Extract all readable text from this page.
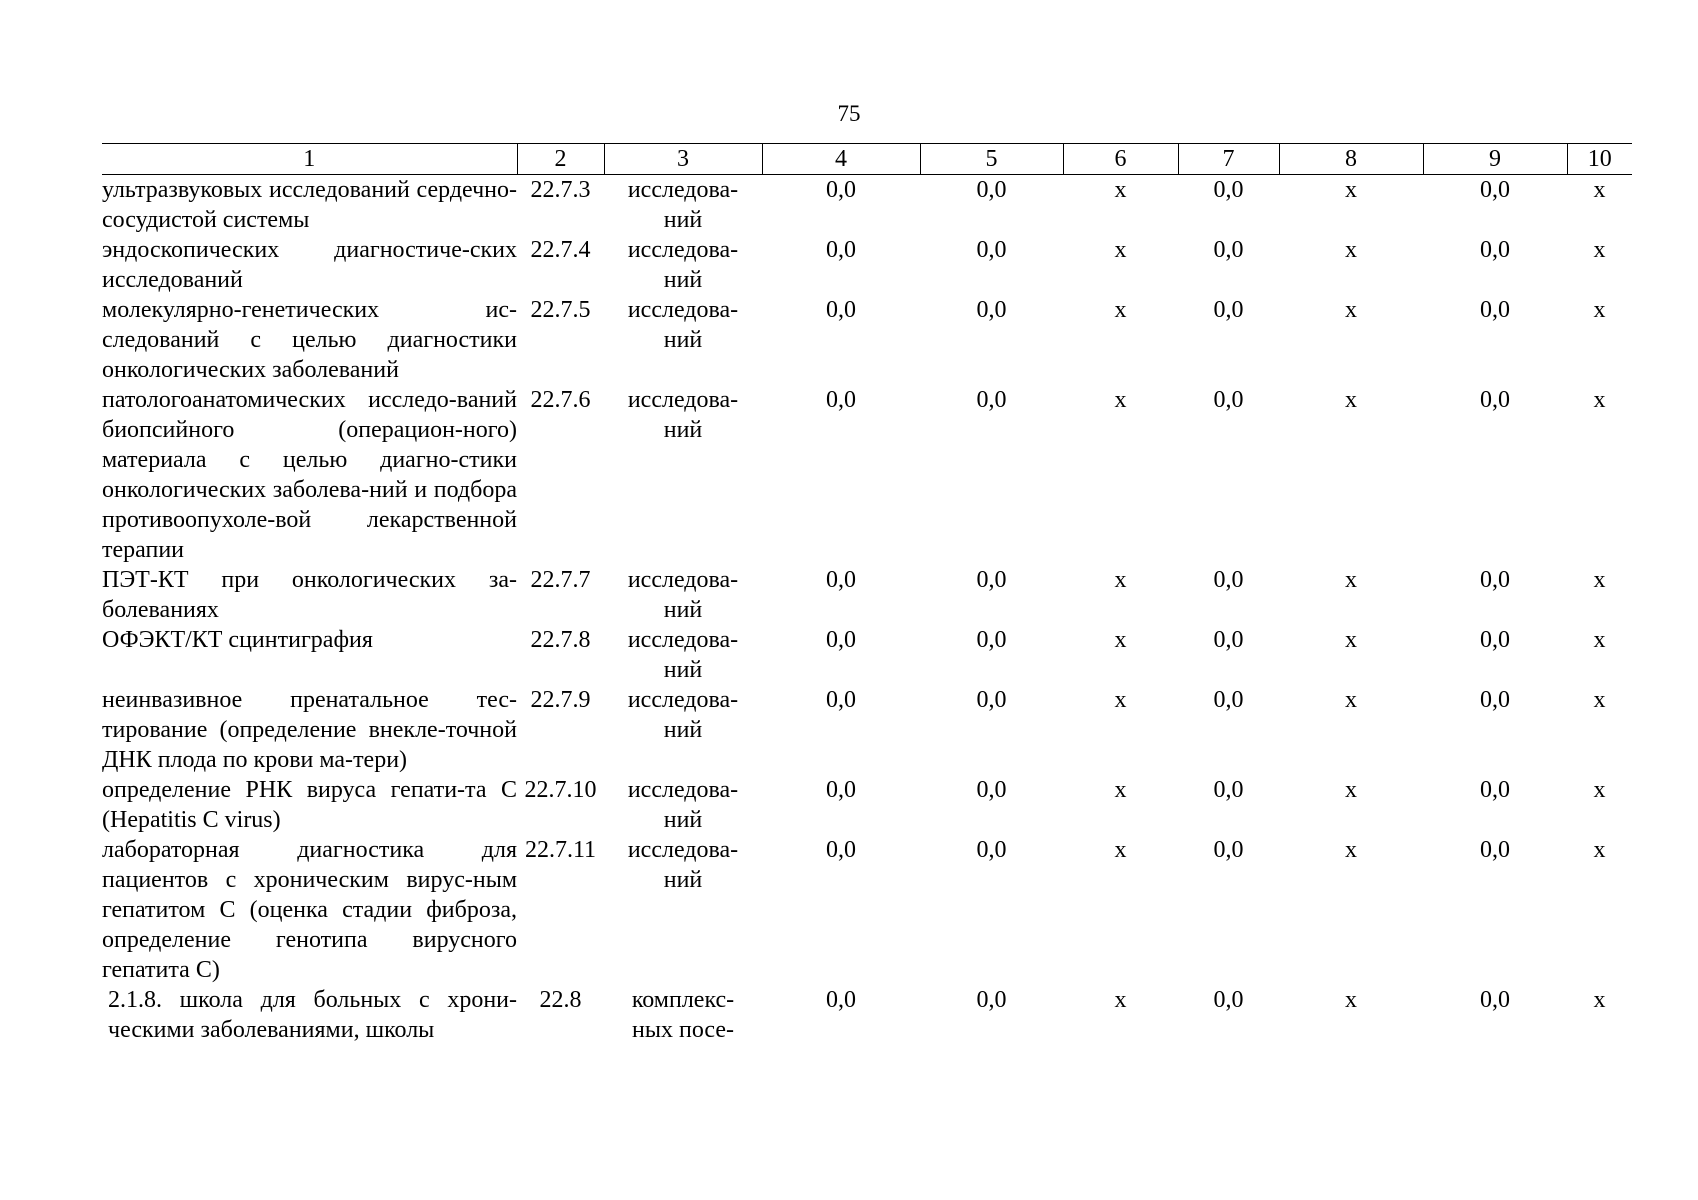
75
1	2	3	4	5	6	7	8	9	10
ультразвуковых исследований сердечно-сосудистой системы	22.7.3	исследова-ний	0,0	0,0	х	0,0	х	0,0	х
эндоскопических диагностиче-ских исследований	22.7.4	исследова-ний	0,0	0,0	х	0,0	х	0,0	х
молекулярно-генетических ис-следований с целью диагностики онкологических заболеваний	22.7.5	исследова-ний	0,0	0,0	х	0,0	х	0,0	х
патологоанатомических исследо-ваний биопсийного (операцион-ного) материала с целью диагно-стики онкологических заболева-ний и подбора противоопухоле-вой лекарственной терапии	22.7.6	исследова-ний	0,0	0,0	х	0,0	х	0,0	х
ПЭТ-КТ при онкологических за-болеваниях	22.7.7	исследова-ний	0,0	0,0	х	0,0	х	0,0	х
ОФЭКТ/КТ сцинтиграфия	22.7.8	исследова-ний	0,0	0,0	х	0,0	х	0,0	х
неинвазивное пренатальное тес-тирование (определение внекле-точной ДНК плода по крови ма-тери)	22.7.9	исследова-ний	0,0	0,0	х	0,0	х	0,0	х
определение РНК вируса гепати-та С (Hepatitis С virus)	22.7.10	исследова-ний	0,0	0,0	х	0,0	х	0,0	х
лабораторная диагностика для пациентов с хроническим вирус-ным гепатитом С (оценка стадии фиброза, определение генотипа вирусного гепатита С)	22.7.11	исследова-ний	0,0	0,0	х	0,0	х	0,0	х
2.1.8. школа для больных с хрони-ческими заболеваниями, школы	22.8	комплекс-ных посе-	0,0	0,0	х	0,0	х	0,0	х
